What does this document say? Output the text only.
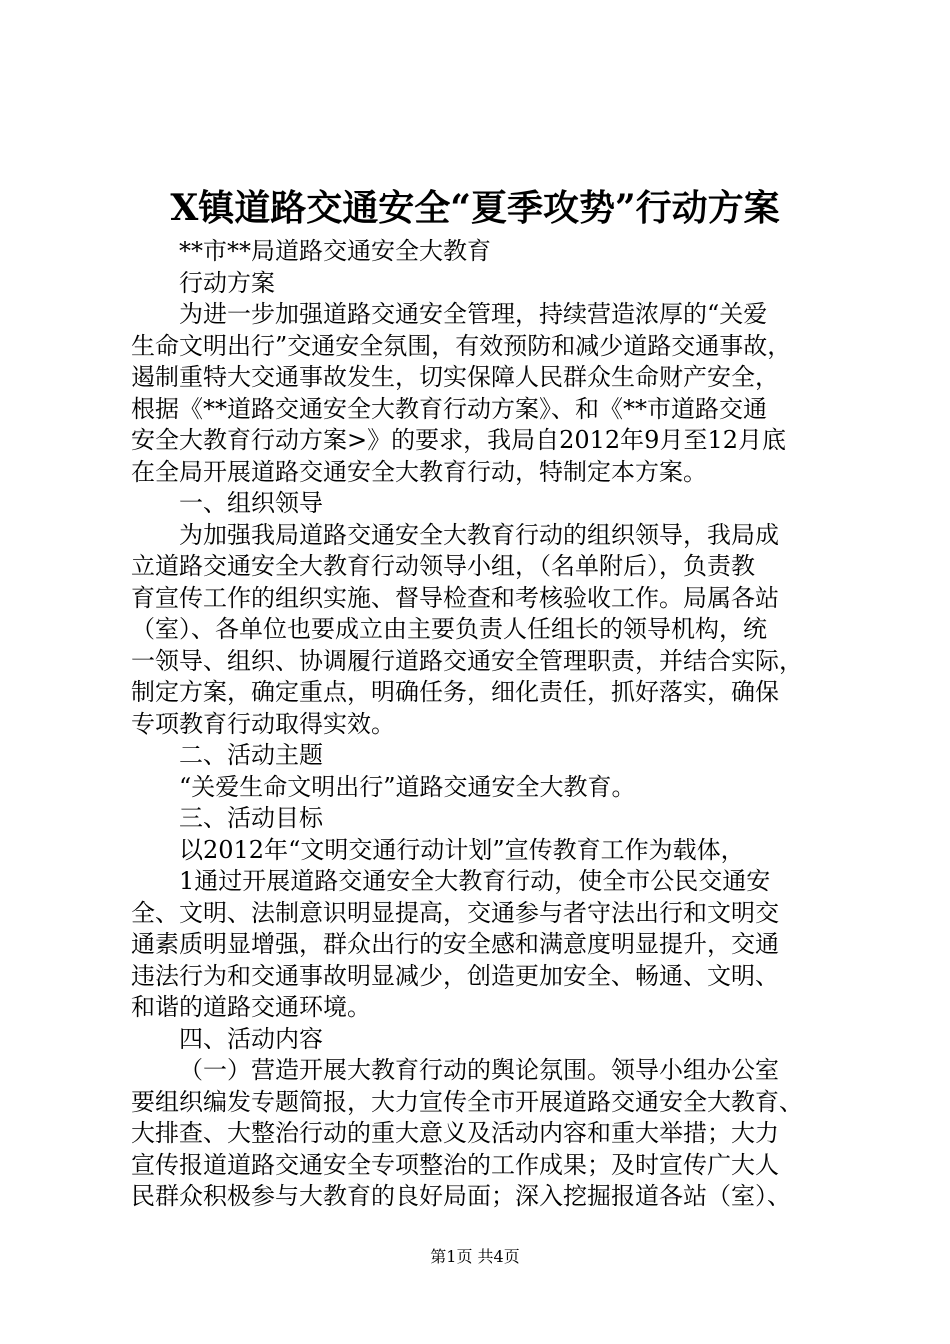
X镇道路交通安全“夏季攻势”行动方案
**市**局道路交通安全大教育
行动方案
为进一步加强道路交通安全管理，持续营造浓厚的“关爱
生命文明出行”交通安全氛围，有效预防和减少道路交通事故，
遏制重特大交通事故发生，切实保障人民群众生命财产安全，
根据《**道路交通安全大教育行动方案》、和《**市道路交通
安全大教育行动方案>》的要求，我局自2012年9月至12月底
在全局开展道路交通安全大教育行动，特制定本方案。
一、组织领导
为加强我局道路交通安全大教育行动的组织领导，我局成
立道路交通安全大教育行动领导小组，（名单附后），负责教
育宣传工作的组织实施、督导检查和考核验收工作。局属各站
（室）、各单位也要成立由主要负责人任组长的领导机构，统
一领导、组织、协调履行道路交通安全管理职责，并结合实际，
制定方案，确定重点，明确任务，细化责任，抓好落实，确保
专项教育行动取得实效。
二、活动主题
“关爱生命文明出行”道路交通安全大教育。
三、活动目标
以2012年“文明交通行动计划”宣传教育工作为载体，
1通过开展道路交通安全大教育行动，使全市公民交通安
全、文明、法制意识明显提高，交通参与者守法出行和文明交
通素质明显增强，群众出行的安全感和满意度明显提升，交通
违法行为和交通事故明显减少，创造更加安全、畅通、文明、
和谐的道路交通环境。
四、活动内容
（一）营造开展大教育行动的舆论氛围。领导小组办公室
要组织编发专题简报，大力宣传全市开展道路交通安全大教育、
大排查、大整治行动的重大意义及活动内容和重大举措；大力
宣传报道道路交通安全专项整治的工作成果；及时宣传广大人
民群众积极参与大教育的良好局面；深入挖掘报道各站（室）、
第1页 共4页
